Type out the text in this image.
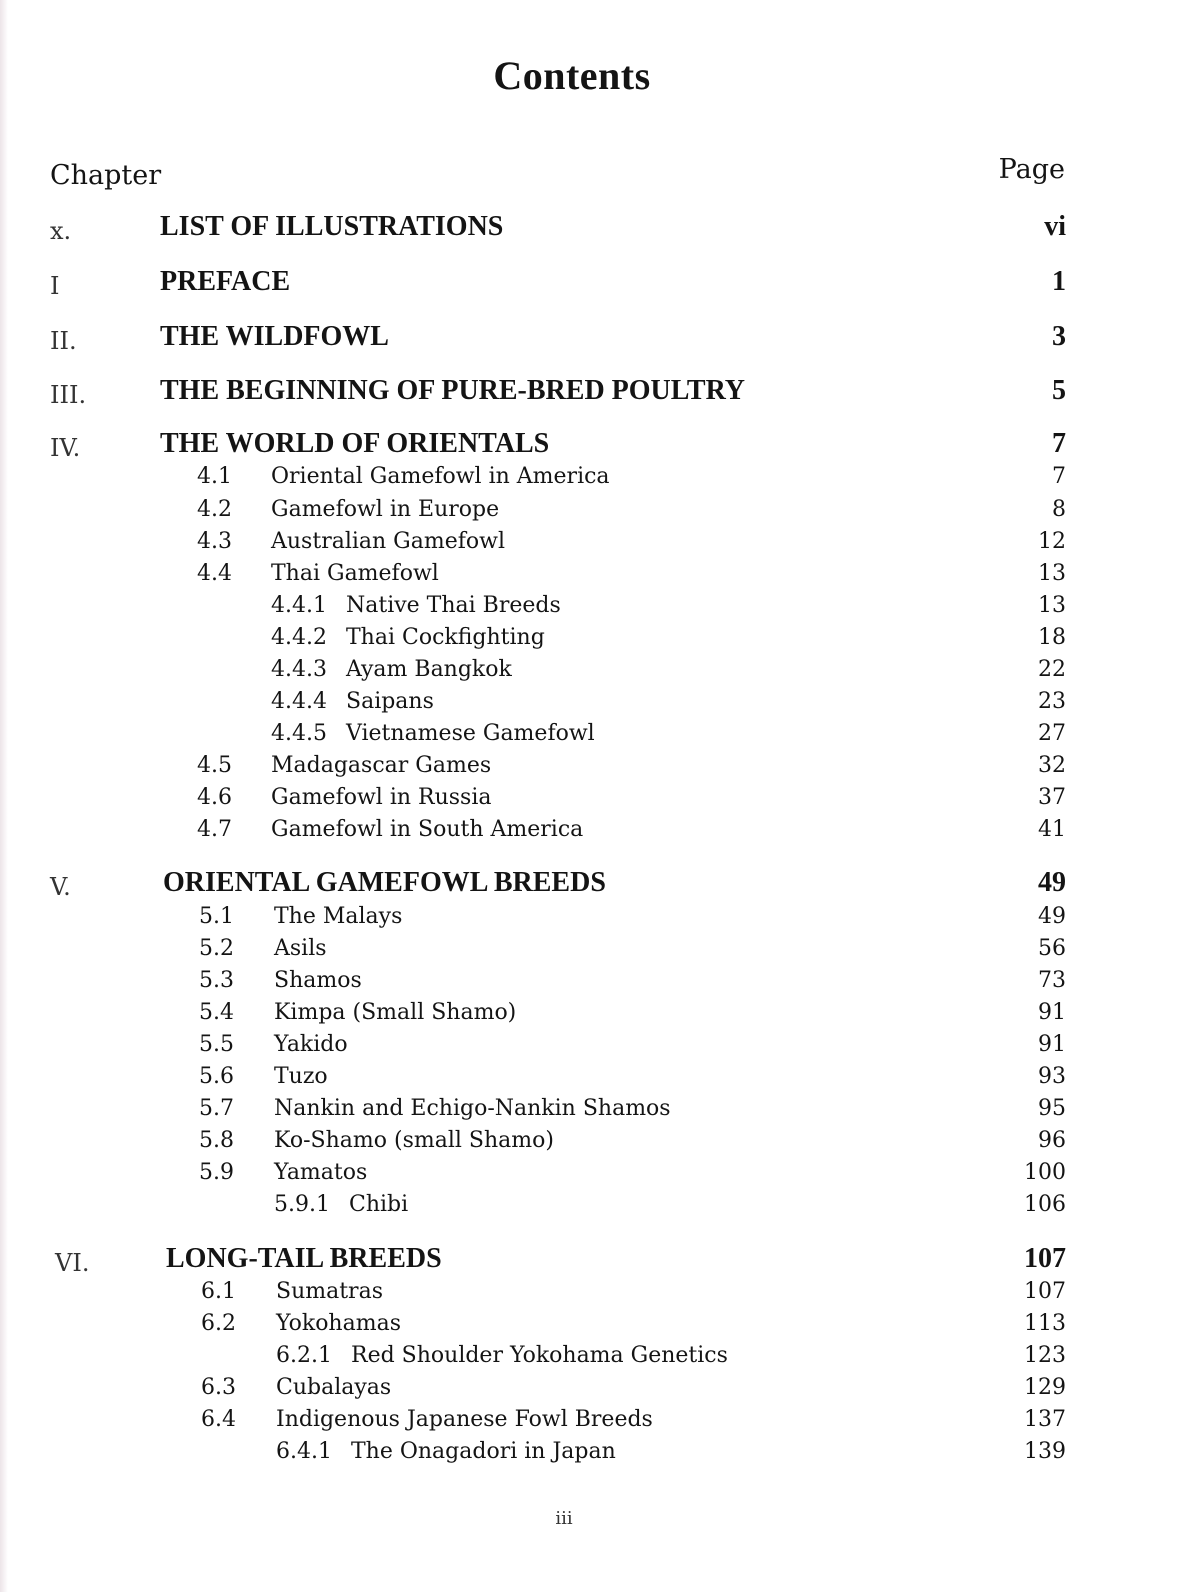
Contents
Chapter	Page
x.	LIST OF ILLUSTRATIONS	vi
I	PREFACE	1
II.	THE WILDFOWL	3
III.	THE BEGINNING OF PURE-BRED POULTRY	5
IV.	THE WORLD OF ORIENTALS	7
4.1 Oriental Gamefowl in America	7
4.2 Gamefowl in Europe	8
4.3 Australian Gamefowl	12
4.4 Thai Gamefowl	13
4.4.1 Native Thai Breeds	13
4.4.2 Thai Cockfighting	18
4.4.3 Ayam Bangkok	22
4.4.4 Saipans	23
4.4.5 Vietnamese Gamefowl	27
4.5 Madagascar Games	32
4.6 Gamefowl in Russia	37
4.7 Gamefowl in South America	41
V.	ORIENTAL GAMEFOWL BREEDS	49
5.1 The Malays	49
5.2 Asils	56
5.3 Shamos	73
5.4 Kimpa (Small Shamo)	91
5.5 Yakido	91
5.6 Tuzo	93
5.7 Nankin and Echigo-Nankin Shamos	95
5.8 Ko-Shamo (small Shamo)	96
5.9 Yamatos	100
5.9.1 Chibi	106
VI.	LONG-TAIL BREEDS	107
6.1 Sumatras	107
6.2 Yokohamas	113
6.2.1 Red Shoulder Yokohama Genetics	123
6.3 Cubalayas	129
6.4 Indigenous Japanese Fowl Breeds	137
6.4.1 The Onagadori in Japan	139
iii
